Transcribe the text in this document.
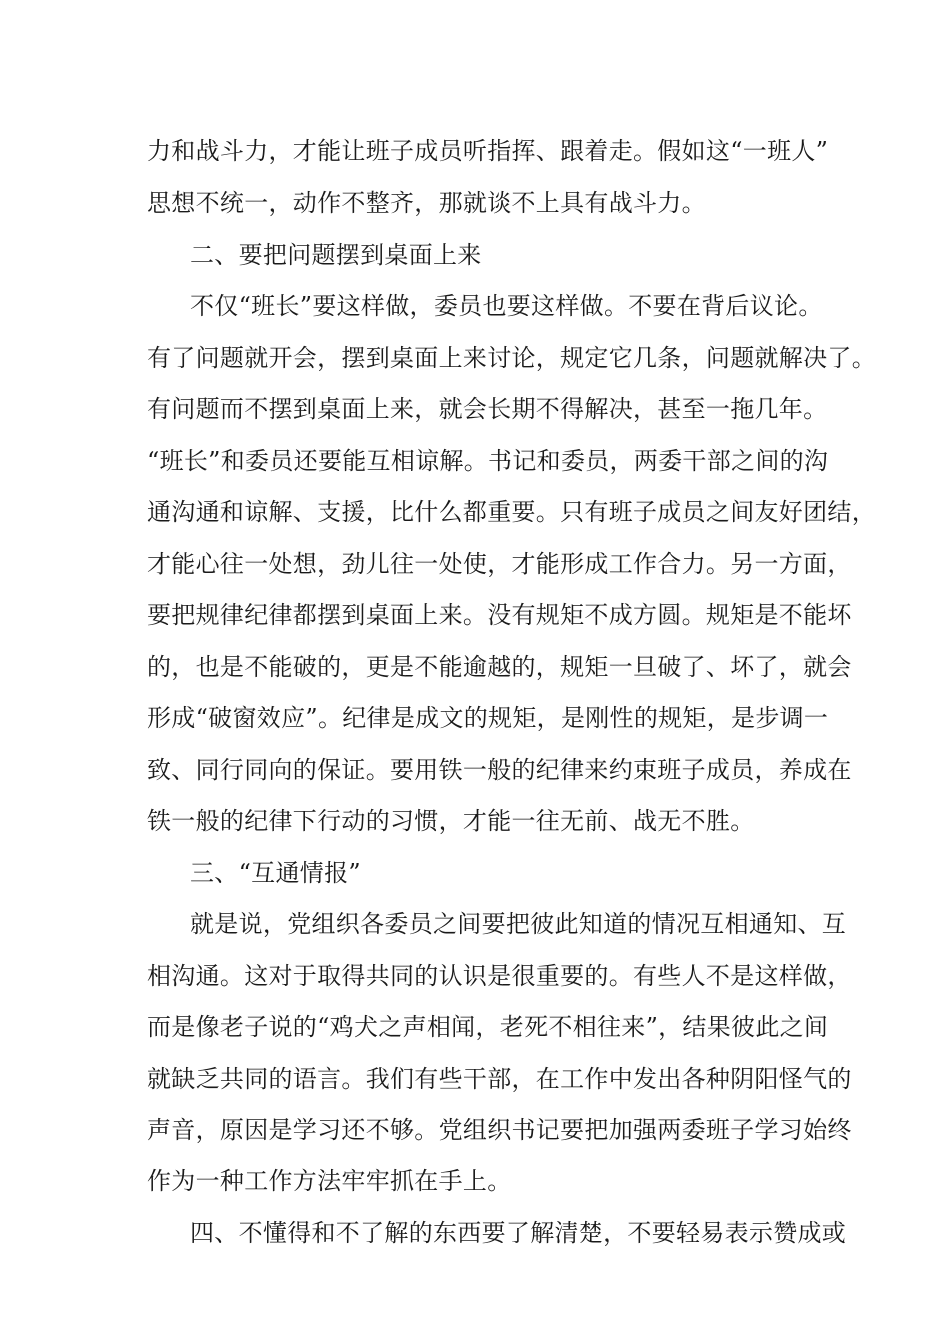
力和战斗力，才能让班子成员听指挥、跟着走。假如这“一班人”
思想不统一，动作不整齐，那就谈不上具有战斗力。
二、要把问题摆到桌面上来
不仅“班长”要这样做，委员也要这样做。不要在背后议论。
有了问题就开会，摆到桌面上来讨论，规定它几条，问题就解决了。
有问题而不摆到桌面上来，就会长期不得解决，甚至一拖几年。
“班长”和委员还要能互相谅解。书记和委员，两委干部之间的沟
通沟通和谅解、支援，比什么都重要。只有班子成员之间友好团结，
才能心往一处想，劲儿往一处使，才能形成工作合力。另一方面，
要把规律纪律都摆到桌面上来。没有规矩不成方圆。规矩是不能坏
的，也是不能破的，更是不能逾越的，规矩一旦破了、坏了，就会
形成“破窗效应”。纪律是成文的规矩，是刚性的规矩，是步调一
致、同行同向的保证。要用铁一般的纪律来约束班子成员，养成在
铁一般的纪律下行动的习惯，才能一往无前、战无不胜。
三、“互通情报”
就是说，党组织各委员之间要把彼此知道的情况互相通知、互
相沟通。这对于取得共同的认识是很重要的。有些人不是这样做，
而是像老子说的“鸡犬之声相闻，老死不相往来”，结果彼此之间
就缺乏共同的语言。我们有些干部，在工作中发出各种阴阳怪气的
声音，原因是学习还不够。党组织书记要把加强两委班子学习始终
作为一种工作方法牢牢抓在手上。
四、不懂得和不了解的东西要了解清楚，不要轻易表示赞成或
